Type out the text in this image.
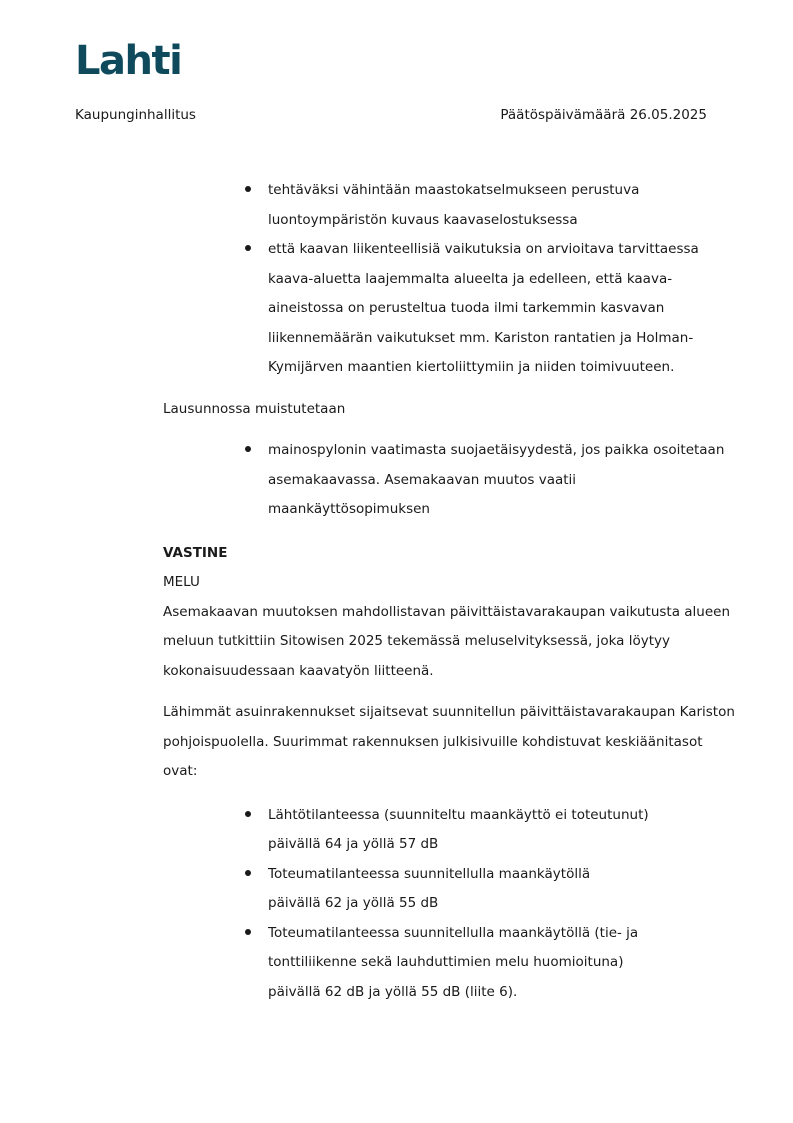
Lahti
Kaupunginhallitus	Päätöspäivämäärä 26.05.2025
tehtäväksi vähintään maastokatselmukseen perustuva
luontoympäristön kuvaus kaavaselostuksessa
että kaavan liikenteellisiä vaikutuksia on arvioitava tarvittaessa
kaava-aluetta laajemmalta alueelta ja edelleen, että kaava-
aineistossa on perusteltua tuoda ilmi tarkemmin kasvavan
liikennemäärän vaikutukset mm. Kariston rantatien ja Holman-
Kymijärven maantien kiertoliittymiin ja niiden toimivuuteen.

Lausunnossa muistutetaan

mainospylonin vaatimasta suojaetäisyydestä, jos paikka osoitetaan
asemakaavassa. Asemakaavan muutos vaatii
maankäyttösopimuksen

VASTINE

MELU

Asemakaavan muutoksen mahdollistavan päivittäistavarakaupan vaikutusta alueen
meluun tutkittiin Sitowisen 2025 tekemässä meluselvityksessä, joka löytyy
kokonaisuudessaan kaavatyön liitteenä.

Lähimmät asuinrakennukset sijaitsevat suunnitellun päivittäistavarakaupan Kariston
pohjoispuolella. Suurimmat rakennuksen julkisivuille kohdistuvat keskiäänitasot
ovat:

Lähtötilanteessa (suunniteltu maankäyttö ei toteutunut)
päivällä 64 ja yöllä 57 dB
Toteumatilanteessa suunnitellulla maankäytöllä
päivällä 62 ja yöllä 55 dB
Toteumatilanteessa suunnitellulla maankäytöllä (tie- ja
tonttiliikenne sekä lauhduttimien melu huomioituna)
päivällä 62 dB ja yöllä 55 dB (liite 6).
